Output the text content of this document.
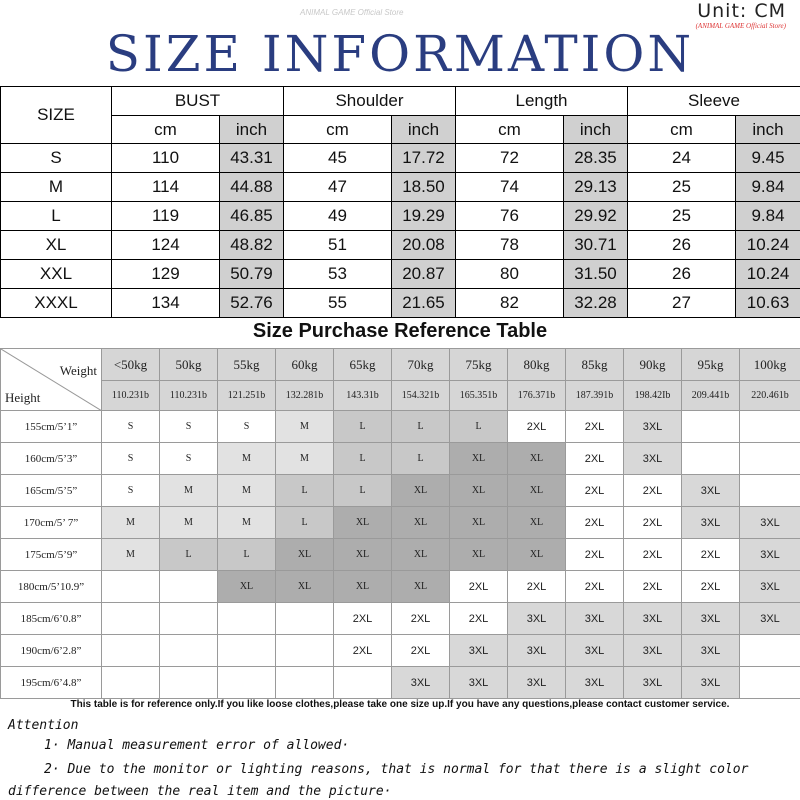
Unit: CM
(ANIMAL GAME Official Store)
ANIMAL GAME Official Store
SIZE INFORMATION
SIZE	BUST		Shoulder		Length		Sleeve	
	cm	inch	cm	inch	cm	inch	cm	inch
S	110	43.31	45	17.72	72	28.35	24	9.45
M	114	44.88	47	18.50	74	29.13	25	9.84
L	119	46.85	49	19.29	76	29.92	25	9.84
XL	124	48.82	51	20.08	78	30.71	26	10.24
XXL	129	50.79	53	20.87	80	31.50	26	10.24
XXXL	134	52.76	55	21.65	82	32.28	27	10.63
Size Purchase Reference Table
Weight
Height	<50kg	50kg	55kg	60kg	65kg	70kg	75kg	80kg	85kg	90kg	95kg	100kg
	110.231b	110.231b	121.251b	132.281b	143.31b	154.321b	165.351b	176.371b	187.391b	198.42Ib	209.441b	220.461b
155cm/5’1”	S	S	S	M	L	L	L	2XL	2XL	3XL		
160cm/5’3”	S	S	M	M	L	L	XL	XL	2XL	3XL		
165cm/5’5”	S	M	M	L	L	XL	XL	XL	2XL	2XL	3XL	
170cm/5’ 7”	M	M	M	L	XL	XL	XL	XL	2XL	2XL	3XL	3XL
175cm/5’9”	M	L	L	XL	XL	XL	XL	XL	2XL	2XL	2XL	3XL
180cm/5’10.9”			XL	XL	XL	XL	2XL	2XL	2XL	2XL	2XL	3XL
185cm/6’0.8”					2XL	2XL	2XL	3XL	3XL	3XL	3XL	3XL
190cm/6’2.8”					2XL	2XL	3XL	3XL	3XL	3XL	3XL	
195cm/6’4.8”						3XL	3XL	3XL	3XL	3XL	3XL	
This table is for reference only.If you like loose clothes,please take one size up.If you have any questions,please contact customer service.
Attention
1· Manual measurement error of allowed·
2· Due to the monitor or lighting reasons, that is normal for that there is a slight color
difference between the real item and the picture·
